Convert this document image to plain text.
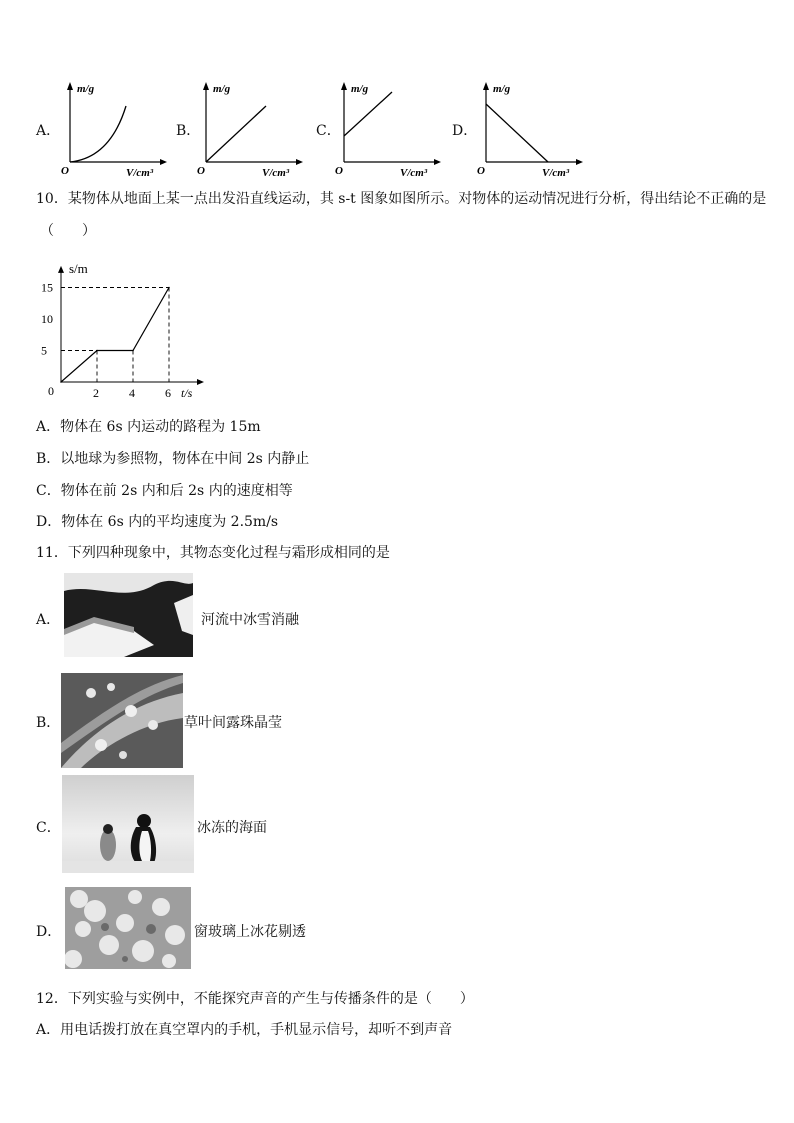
A．
m/g
V/cm³
O
B．
m/g
V/cm³
O
C．
m/g
V/cm³
O
D．
m/g
V/cm³
O
10．某物体从地面上某一点出发沿直线运动，其 s-t 图象如图所示。对物体的运动情况进行分析，得出结论不正确的是
（　　）
2	4	6
5
10
15
0
s/m
t/s
A．物体在 6s 内运动的路程为 15m
B．以地球为参照物，物体在中间 2s 内静止
C．物体在前 2s 内和后 2s 内的速度相等
D．物体在 6s 内的平均速度为 2.5m/s
11．下列四种现象中，其物态变化过程与霜形成相同的是
A．	河流中冰雪消融
B．	草叶间露珠晶莹
C．	冰冻的海面
D．	窗玻璃上冰花剔透
12．下列实验与实例中，不能探究声音的产生与传播条件的是（　　）
A．用电话拨打放在真空罩内的手机，手机显示信号，却听不到声音
